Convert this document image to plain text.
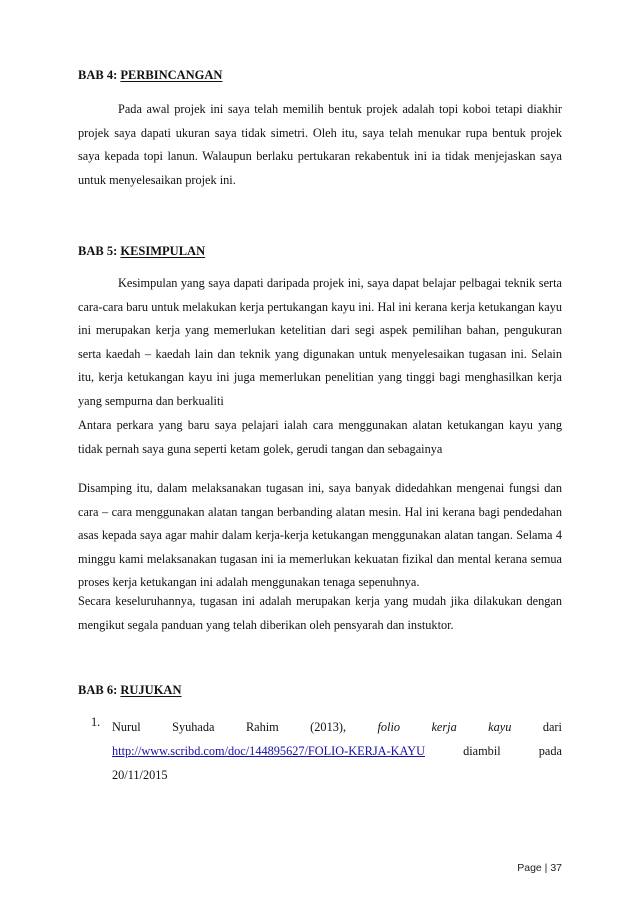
BAB 4: PERBINCANGAN
Pada awal projek ini saya telah memilih bentuk projek adalah topi koboi tetapi diakhir projek saya dapati ukuran saya tidak simetri. Oleh itu, saya telah menukar rupa bentuk projek saya kepada topi lanun. Walaupun berlaku pertukaran rekabentuk ini ia tidak menjejaskan saya untuk menyelesaikan projek ini.
BAB 5: KESIMPULAN
Kesimpulan yang saya dapati daripada projek ini, saya dapat belajar pelbagai teknik serta cara-cara baru untuk melakukan kerja pertukangan kayu ini. Hal ini kerana kerja ketukangan kayu ini merupakan kerja yang memerlukan ketelitian dari segi aspek pemilihan bahan, pengukuran serta kaedah – kaedah lain dan teknik yang digunakan untuk menyelesaikan tugasan ini. Selain itu, kerja ketukangan kayu ini juga memerlukan penelitian yang tinggi bagi menghasilkan kerja yang sempurna dan berkualiti
Antara perkara yang baru saya pelajari ialah cara menggunakan alatan ketukangan kayu yang tidak pernah saya guna seperti ketam golek, gerudi tangan dan sebagainya
Disamping itu, dalam melaksanakan tugasan ini, saya banyak didedahkan mengenai fungsi dan cara – cara menggunakan alatan tangan berbanding alatan mesin. Hal ini kerana bagi pendedahan asas kepada saya agar mahir dalam kerja-kerja ketukangan menggunakan alatan tangan. Selama 4 minggu kami melaksanakan tugasan ini ia memerlukan kekuatan fizikal dan mental kerana semua proses kerja ketukangan ini adalah menggunakan tenaga sepenuhnya.
Secara keseluruhannya, tugasan ini adalah merupakan kerja yang mudah jika dilakukan dengan mengikut segala panduan yang telah diberikan oleh pensyarah dan instuktor.
BAB 6: RUJUKAN
1. Nurul	Syuhada	Rahim	(2013),	folio	kerja	kayu	dari
http://www.scribd.com/doc/144895627/FOLIO-KERJA-KAYU	diambil	pada
20/11/2015
Page | 37
